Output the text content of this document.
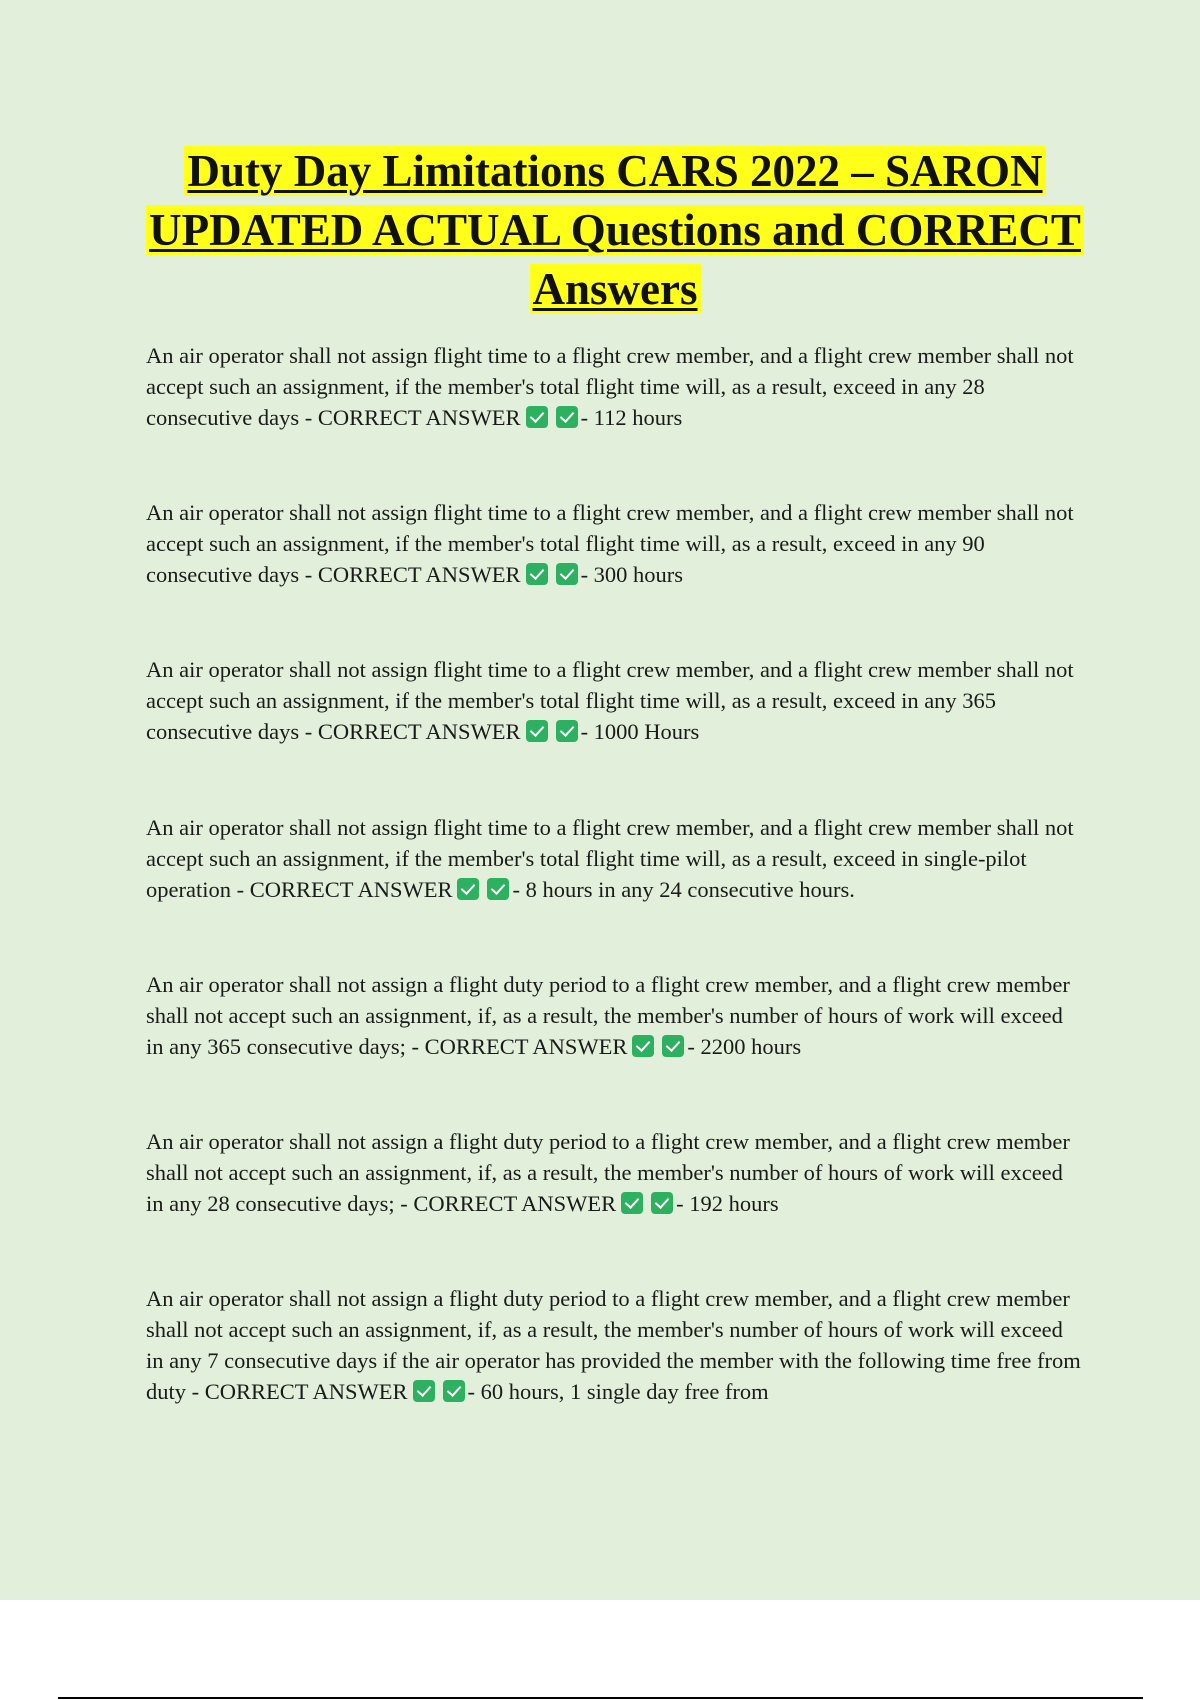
Duty Day Limitations CARS 2022 – SARON UPDATED ACTUAL Questions and CORRECT Answers

An air operator shall not assign flight time to a flight crew member, and a flight crew member shall not accept such an assignment, if the member's total flight time will, as a result, exceed in any 28 consecutive days - CORRECT ANSWER	- 112 hours

An air operator shall not assign flight time to a flight crew member, and a flight crew member shall not accept such an assignment, if the member's total flight time will, as a result, exceed in any 90 consecutive days - CORRECT ANSWER	- 300 hours

An air operator shall not assign flight time to a flight crew member, and a flight crew member shall not accept such an assignment, if the member's total flight time will, as a result, exceed in any 365 consecutive days - CORRECT ANSWER	- 1000 Hours

An air operator shall not assign flight time to a flight crew member, and a flight crew member shall not accept such an assignment, if the member's total flight time will, as a result, exceed in single-pilot operation - CORRECT ANSWER	- 8 hours in any 24 consecutive hours.

An air operator shall not assign a flight duty period to a flight crew member, and a flight crew member shall not accept such an assignment, if, as a result, the member's number of hours of work will exceed in any 365 consecutive days; - CORRECT ANSWER	- 2200 hours

An air operator shall not assign a flight duty period to a flight crew member, and a flight crew member shall not accept such an assignment, if, as a result, the member's number of hours of work will exceed in any 28 consecutive days; - CORRECT ANSWER	- 192 hours

An air operator shall not assign a flight duty period to a flight crew member, and a flight crew member shall not accept such an assignment, if, as a result, the member's number of hours of work will exceed in any 7 consecutive days if the air operator has provided the member with the following time free from duty - CORRECT ANSWER	- 60 hours, 1 single day free from
